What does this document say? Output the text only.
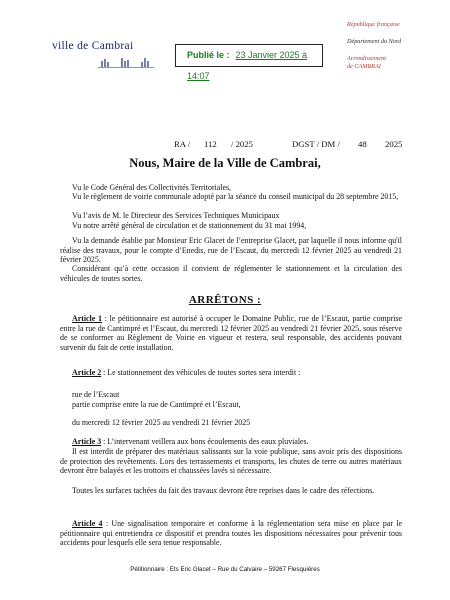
ville de Cambrai
Publié le : 23 Janvier 2025 à 14:07
République française
Département du Nord
Arrondissement
de CAMBRAI
RA / 112 / 2025	DGST / DM / 48 2025
Nous, Maire de la Ville de Cambrai,
Vu le Code Général des Collectivités Territoriales,
Vu le règlement de voirie communale adopté par la séance du conseil municipal du 28 septembre 2015,
Vu l’avis de M. le Directeur des Services Techniques Municipaux
Vu notre arrêté général de circulation et de stationnement du 31 mai 1994,
Vu la demande établie par Monsieur Eric Glacet de l’entreprise Glacet, par laquelle il nous informe qu'il réalise des travaux, pour le compte d’Enedis, rue de l’Escaut, du mercredi 12 février 2025 au vendredi 21 février 2025.
Considérant qu’à cette occasion il convient de réglementer le stationnement et la circulation des véhicules de toutes sortes.
ARRÊTONS :
Article 1 : le pétitionnaire est autorisé à occuper le Domaine Public, rue de l’Escaut, partie comprise entre la rue de Cantimpré et l’Escaut, du mercredi 12 février 2025 au vendredi 21 février 2025, sous réserve de se conformer au Règlement de Voirie en vigueur et restera, seul responsable, des accidents pouvant survenir du fait de cette installation.
Article 2 : Le stationnement des véhicules de toutes sortes sera interdit :
rue de l’Escaut
partie comprise entre la rue de Cantimpré et l’Escaut,
du mercredi 12 février 2025 au vendredi 21 février 2025
Article 3 : L’intervenant veillera aux bons écoulements des eaux pluviales.
Il est interdit de préparer des matériaux salissants sur la voie publique, sans avoir pris des dispositions de protection des revêtements. Lors des terrassements et transports, les chutes de terre ou autres matériaux devront être balayés et les trottoirs et chaussées lavés si nécessaire.
Toutes les surfaces tachées du fait des travaux devront être reprises dans le cadre des réfections.
Article 4 : Une signalisation temporaire et conforme à la réglementation sera mise en place par le pétitionnaire qui entretiendra ce dispositif et prendra toutes les dispositions nécessaires pour prévenir tous accidents pour lesquels elle sera tenue responsable.
Pétitionnaire : Ets Eric Glacet – Rue du Calvaire – 59267 Flesquières
